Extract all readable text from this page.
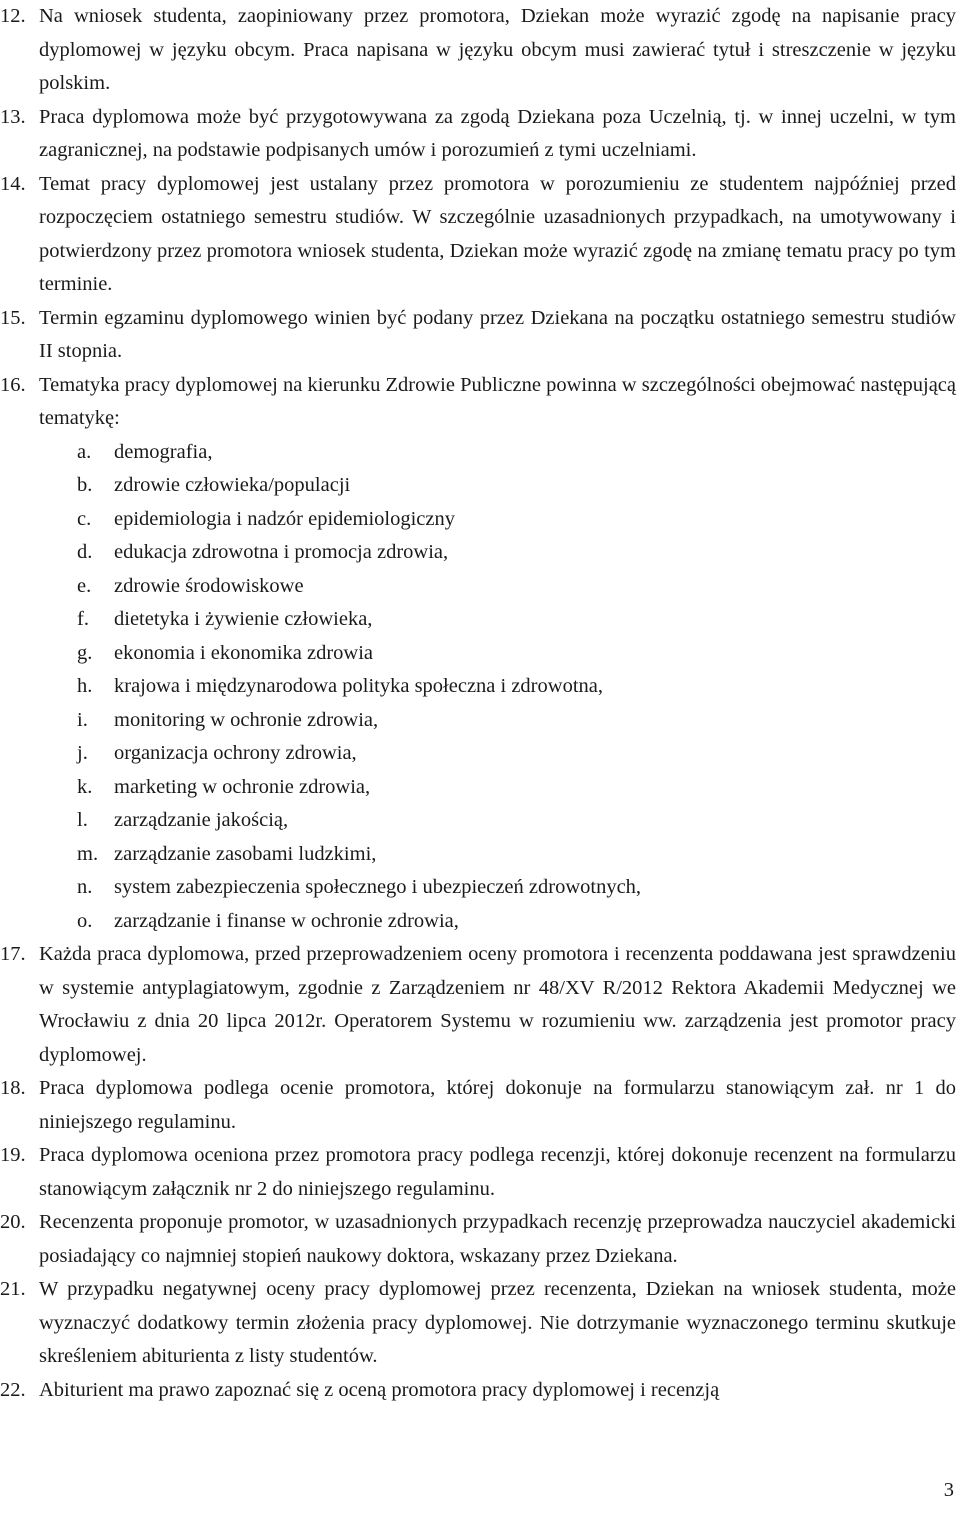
12. Na wniosek studenta, zaopiniowany przez promotora, Dziekan może wyrazić zgodę na napisanie pracy dyplomowej w języku obcym. Praca napisana w języku obcym musi zawierać tytuł i streszczenie w języku polskim.
13. Praca dyplomowa może być przygotowywana za zgodą Dziekana poza Uczelnią, tj. w innej uczelni, w tym zagranicznej, na podstawie podpisanych umów i porozumień z tymi uczelniami.
14. Temat pracy dyplomowej jest ustalany przez promotora w porozumieniu ze studentem najpóźniej przed rozpoczęciem ostatniego semestru studiów. W szczególnie uzasadnionych przypadkach, na umotywowany i potwierdzony przez promotora wniosek studenta, Dziekan może wyrazić zgodę na zmianę tematu pracy po tym terminie.
15. Termin egzaminu dyplomowego winien być podany przez Dziekana na początku ostatniego semestru studiów II stopnia.
16. Tematyka pracy dyplomowej na kierunku Zdrowie Publiczne powinna w szczególności obejmować następującą tematykę:
a. demografia,
b. zdrowie człowieka/populacji
c. epidemiologia i nadzór epidemiologiczny
d. edukacja zdrowotna i promocja zdrowia,
e. zdrowie środowiskowe
f. dietetyka i żywienie człowieka,
g. ekonomia i ekonomika zdrowia
h. krajowa i międzynarodowa polityka społeczna i zdrowotna,
i. monitoring w ochronie zdrowia,
j. organizacja ochrony zdrowia,
k. marketing w ochronie zdrowia,
l. zarządzanie jakością,
m. zarządzanie zasobami ludzkimi,
n. system zabezpieczenia społecznego i ubezpieczeń zdrowotnych,
o. zarządzanie i finanse w ochronie zdrowia,
17. Każda praca dyplomowa, przed przeprowadzeniem oceny promotora i recenzenta poddawana jest sprawdzeniu w systemie antyplagiatowym, zgodnie z Zarządzeniem nr 48/XV R/2012 Rektora Akademii Medycznej we Wrocławiu z dnia 20 lipca 2012r. Operatorem Systemu w rozumieniu ww. zarządzenia jest promotor pracy dyplomowej.
18. Praca dyplomowa podlega ocenie promotora, której dokonuje na formularzu stanowiącym zał. nr 1 do niniejszego regulaminu.
19. Praca dyplomowa oceniona przez promotora pracy podlega recenzji, której dokonuje recenzent na formularzu stanowiącym załącznik nr 2 do niniejszego regulaminu.
20. Recenzenta proponuje promotor, w uzasadnionych przypadkach recenzję przeprowadza nauczyciel akademicki posiadający co najmniej stopień naukowy doktora, wskazany przez Dziekana.
21. W przypadku negatywnej oceny pracy dyplomowej przez recenzenta, Dziekan na wniosek studenta, może wyznaczyć dodatkowy termin złożenia pracy dyplomowej. Nie dotrzymanie wyznaczonego terminu skutkuje skreśleniem abiturienta z listy studentów.
22. Abiturient ma prawo zapoznać się z oceną promotora pracy dyplomowej i recenzją
3
